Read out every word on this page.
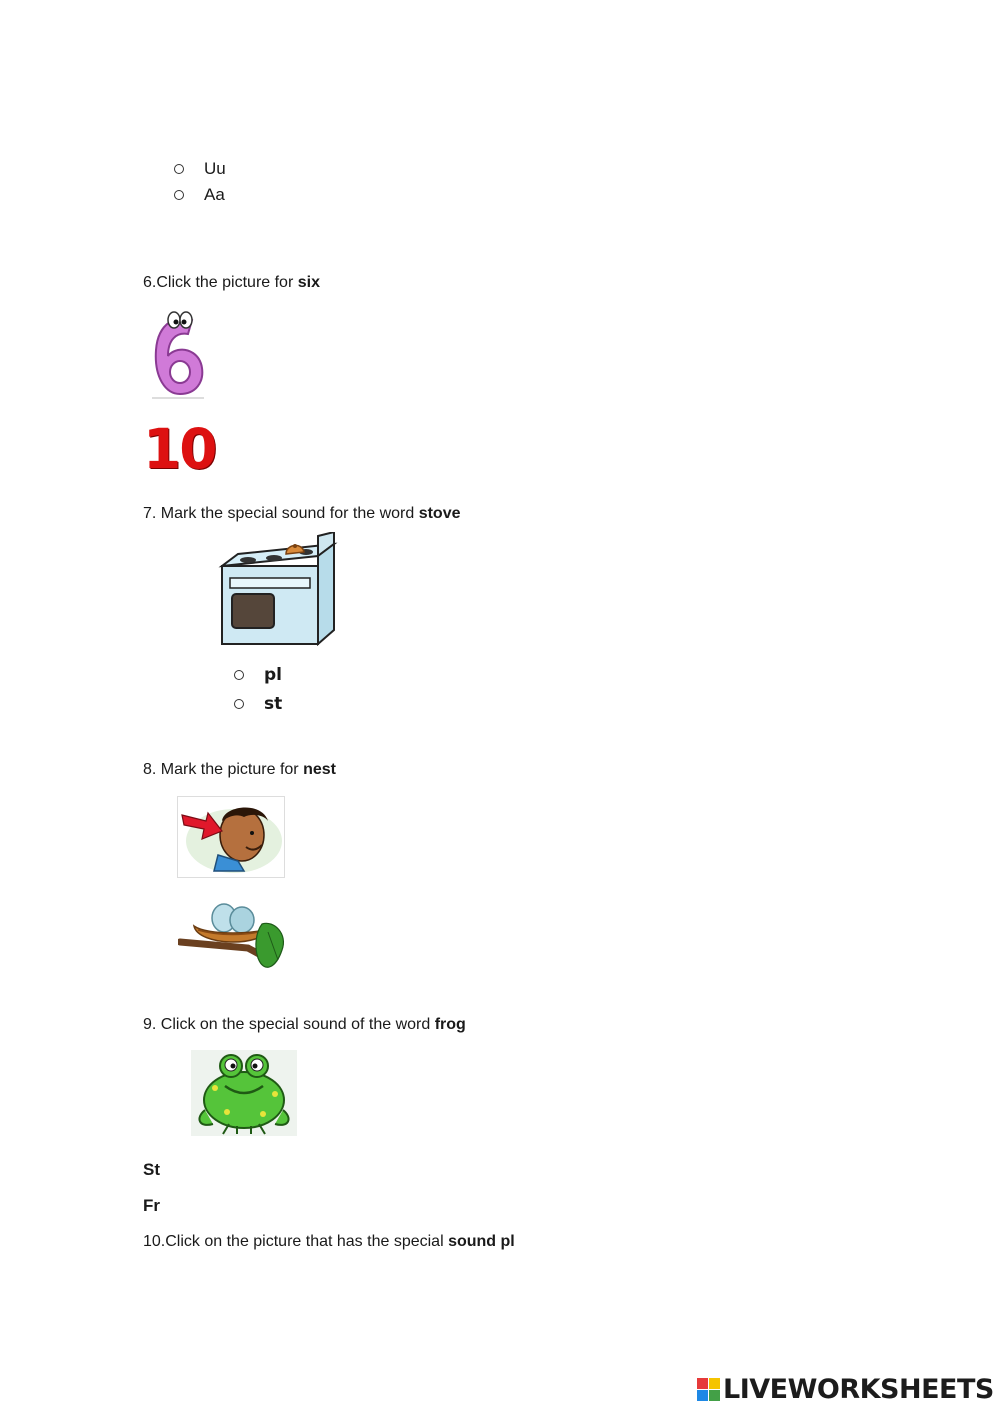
Uu
Aa
6.Click the picture for six
10
7. Mark the special sound for the word stove
pl
st
8. Mark the picture for nest
9. Click on the special sound of the word frog
St
Fr
10.Click on the picture that has the special sound pl
LIVEWORKSHEETS
